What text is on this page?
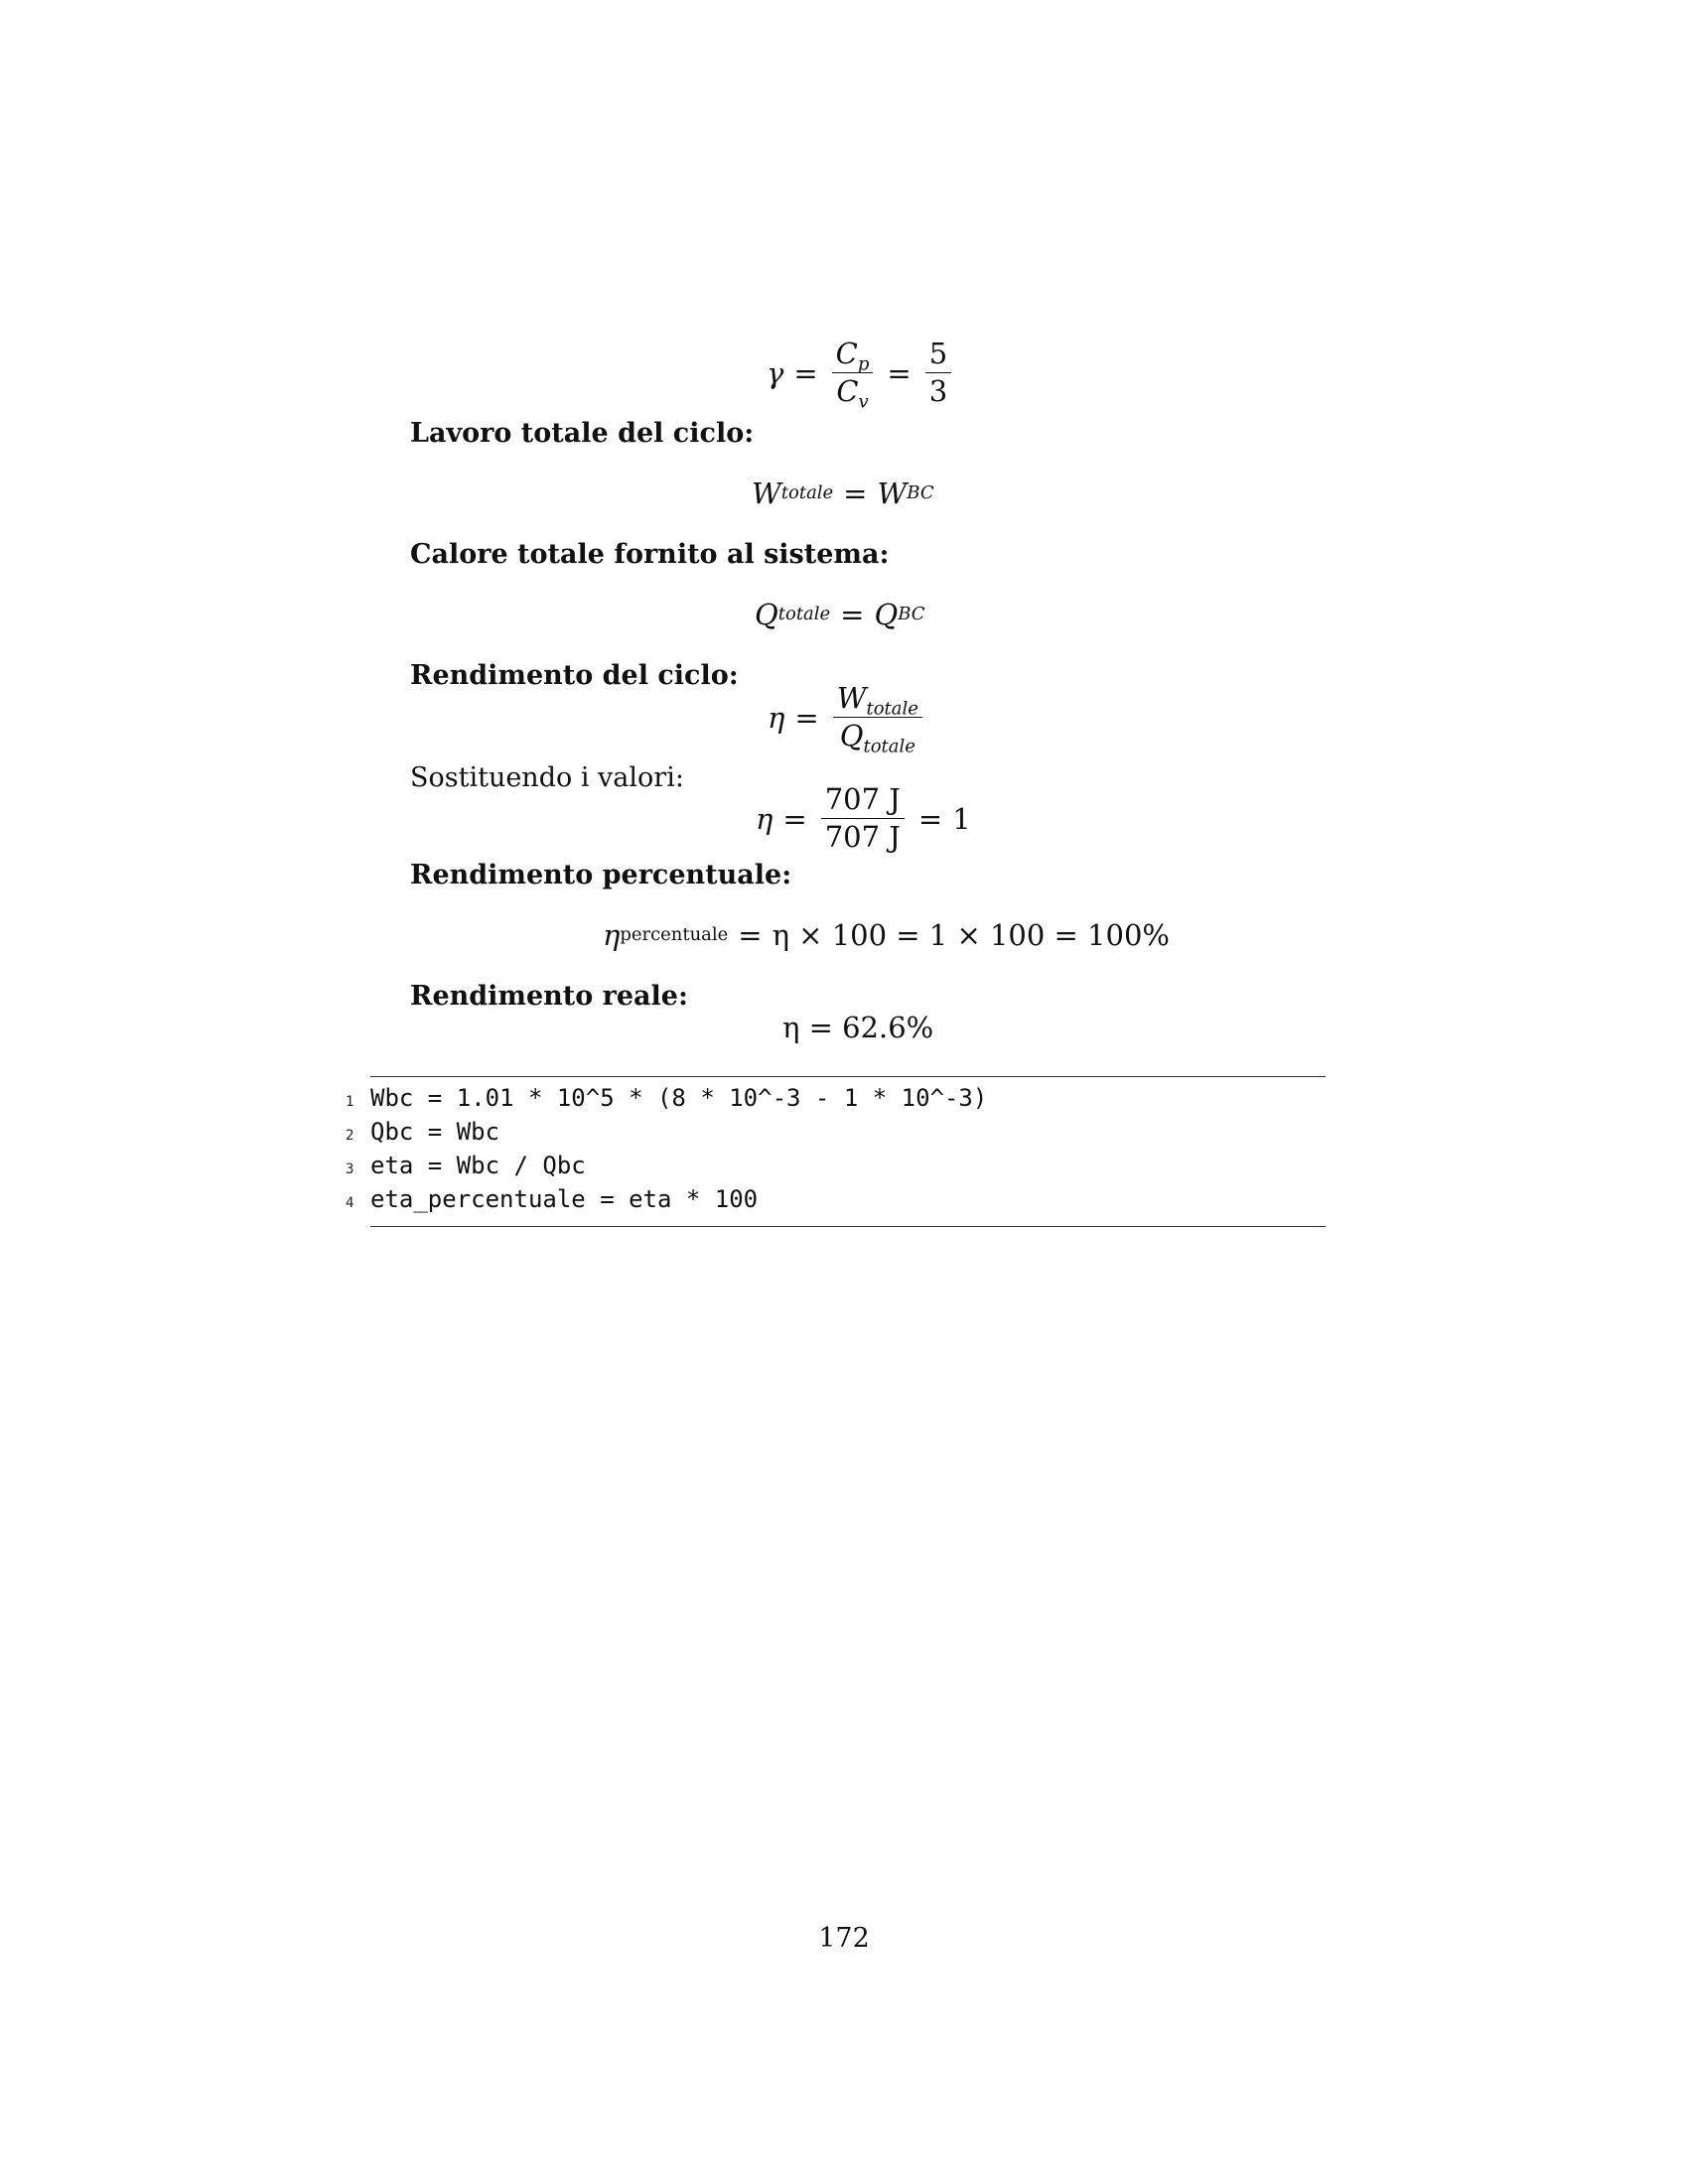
$\gamma = \frac{C_p}{C_v} = \frac{5}{3}$
Lavoro totale del ciclo:
W totale = W BC
Calore totale fornito al sistema:
Q totale = Q BC
Rendimento del ciclo:
$\eta = \frac{W_{totale}}{Q_{totale}}$
Sostituendo i valori:
$\eta = \frac{707 J}{707 J} = 1$
Rendimento percentuale:
η percentuale = η × 100 = 1 × 100 = 100%
Rendimento reale:
η = 62.6%
1 Wbc = 1.01 * 10^5 * (8 * 10^-3 - 1 * 10^-3)
2 Qbc = Wbc
3 eta = Wbc / Qbc
4 eta_percentuale = eta * 100
172
